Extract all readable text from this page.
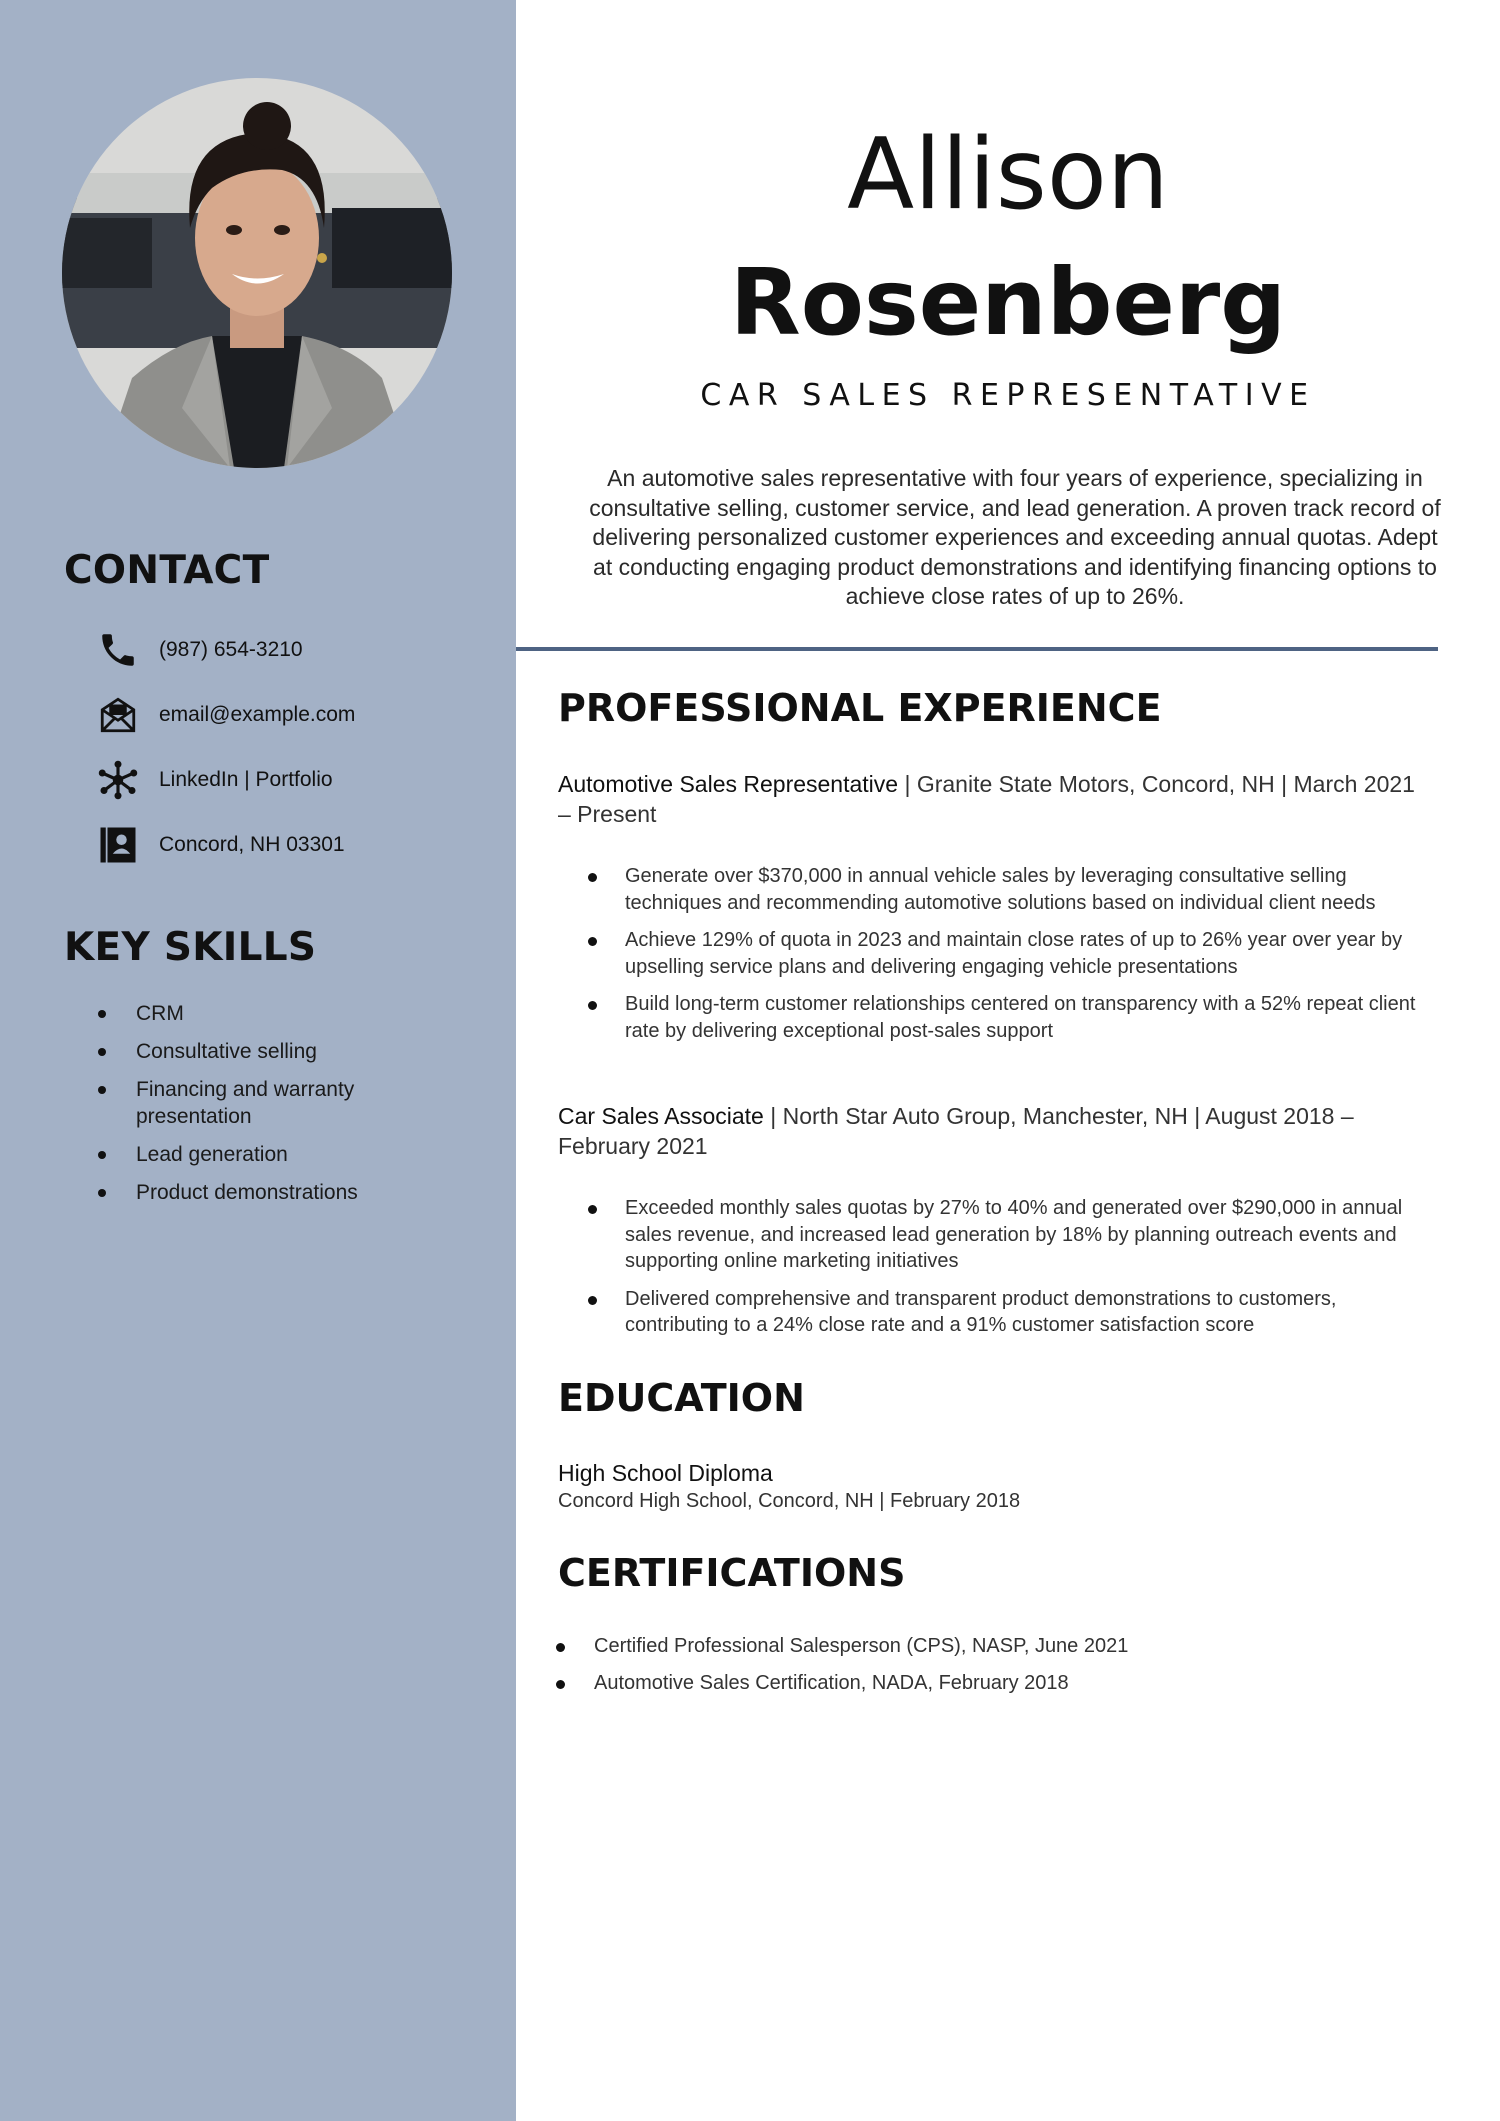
CONTACT
(987) 654-3210
email@example.com
LinkedIn | Portfolio
Concord, NH 03301
KEY SKILLS
CRM
Consultative selling
Financing and warranty presentation
Lead generation
Product demonstrations
Allison
Rosenberg
CAR SALES REPRESENTATIVE

An automotive sales representative with four years of experience, specializing in consultative selling, customer service, and lead generation. A proven track record of delivering personalized customer experiences and exceeding annual quotas. Adept at conducting engaging product demonstrations and identifying financing options to achieve close rates of up to 26%.

PROFESSIONAL EXPERIENCE

Automotive Sales Representative | Granite State Motors, Concord, NH | March 2021 – Present

Generate over $370,000 in annual vehicle sales by leveraging consultative selling techniques and recommending automotive solutions based on individual client needs
Achieve 129% of quota in 2023 and maintain close rates of up to 26% year over year by upselling service plans and delivering engaging vehicle presentations
Build long-term customer relationships centered on transparency with a 52% repeat client rate by delivering exceptional post-sales support

Car Sales Associate | North Star Auto Group, Manchester, NH | August 2018 – February 2021

Exceeded monthly sales quotas by 27% to 40% and generated over $290,000 in annual sales revenue, and increased lead generation by 18% by planning outreach events and supporting online marketing initiatives
Delivered comprehensive and transparent product demonstrations to customers, contributing to a 24% close rate and a 91% customer satisfaction score
EDUCATION
High School Diploma
Concord High School, Concord, NH | February 2018
CERTIFICATIONS
Certified Professional Salesperson (CPS), NASP, June 2021
Automotive Sales Certification, NADA, February 2018
